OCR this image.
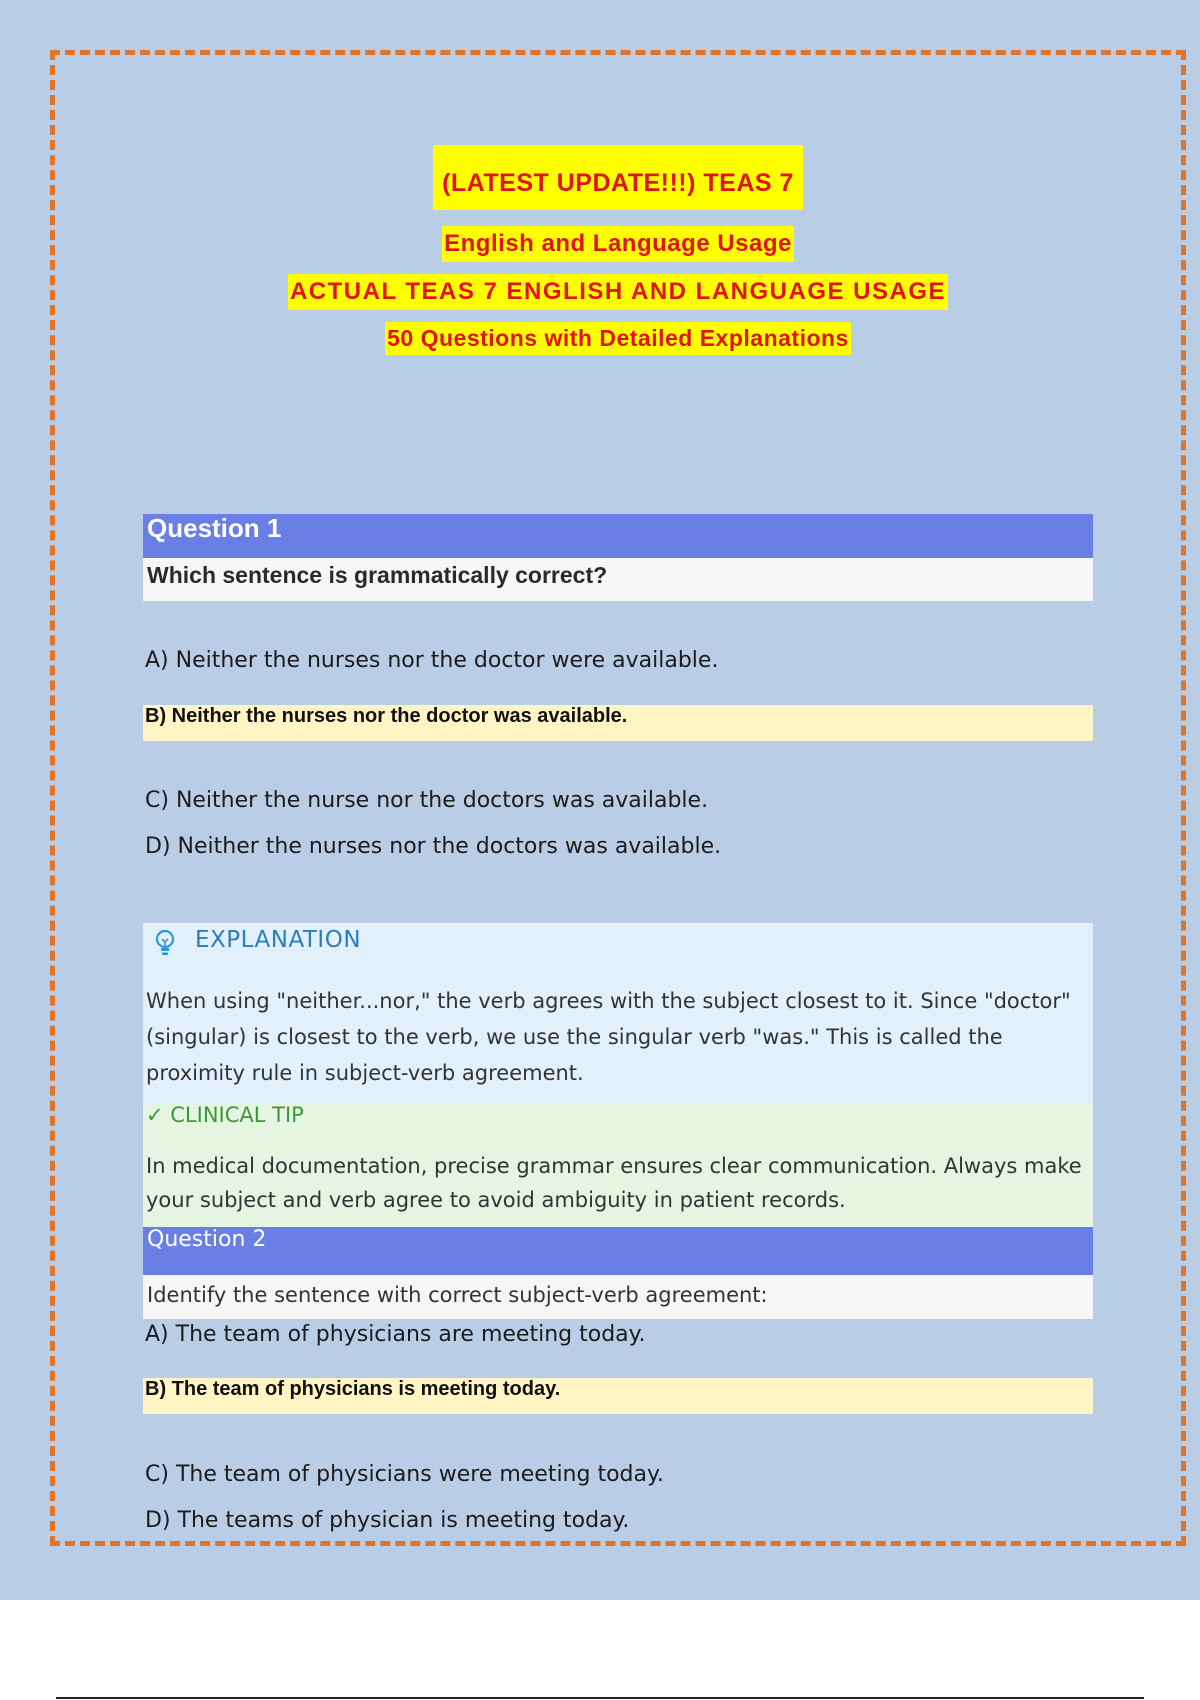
(LATEST UPDATE!!!) TEAS 7
English and Language Usage
ACTUAL TEAS 7 ENGLISH AND LANGUAGE USAGE
50 Questions with Detailed Explanations
Question 1
Which sentence is grammatically correct?
A) Neither the nurses nor the doctor were available.
B) Neither the nurses nor the doctor was available.
C) Neither the nurse nor the doctors was available.
D) Neither the nurses nor the doctors was available.
EXPLANATION
When using "neither...nor," the verb agrees with the subject closest to it. Since "doctor" (singular) is closest to the verb, we use the singular verb "was." This is called the proximity rule in subject-verb agreement.
✓ CLINICAL TIP
In medical documentation, precise grammar ensures clear communication. Always make your subject and verb agree to avoid ambiguity in patient records.
Question 2
Identify the sentence with correct subject-verb agreement:
A) The team of physicians are meeting today.
B) The team of physicians is meeting today.
C) The team of physicians were meeting today.
D) The teams of physician is meeting today.
